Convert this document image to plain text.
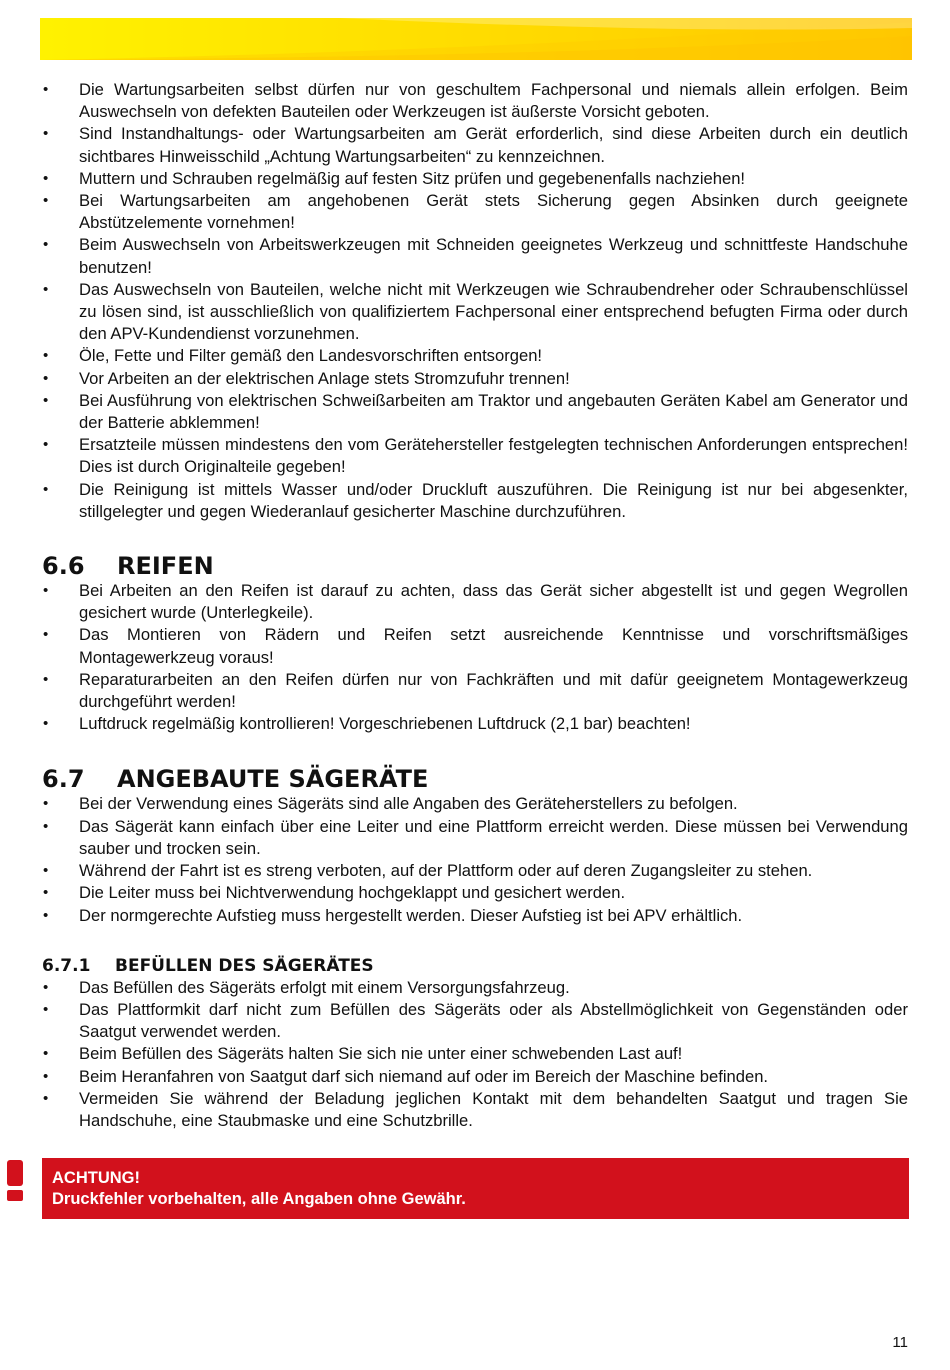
• Die Wartungsarbeiten selbst dürfen nur von geschultem Fachpersonal und niemals allein erfolgen. Beim Auswechseln von defekten Bauteilen oder Werkzeugen ist äußerste Vorsicht geboten.
• Sind Instandhaltungs- oder Wartungsarbeiten am Gerät erforderlich, sind diese Arbeiten durch ein deutlich sichtbares Hinweisschild „Achtung Wartungsarbeiten“ zu kennzeichnen.
• Muttern und Schrauben regelmäßig auf festen Sitz prüfen und gegebenenfalls nachziehen!
• Bei Wartungsarbeiten am angehobenen Gerät stets Sicherung gegen Absinken durch geeignete Abstützelemente vornehmen!
• Beim Auswechseln von Arbeitswerkzeugen mit Schneiden geeignetes Werkzeug und schnittfeste Handschuhe benutzen!
• Das Auswechseln von Bauteilen, welche nicht mit Werkzeugen wie Schraubendreher oder Schraubenschlüssel zu lösen sind, ist ausschließlich von qualifiziertem Fachpersonal einer entsprechend befugten Firma oder durch den APV-Kundendienst vorzunehmen.
• Öle, Fette und Filter gemäß den Landesvorschriften entsorgen!
• Vor Arbeiten an der elektrischen Anlage stets Stromzufuhr trennen!
• Bei Ausführung von elektrischen Schweißarbeiten am Traktor und angebauten Geräten Kabel am Generator und der Batterie abklemmen!
• Ersatzteile müssen mindestens den vom Gerätehersteller festgelegten technischen Anforderungen entsprechen! Dies ist durch Originalteile gegeben!
• Die Reinigung ist mittels Wasser und/oder Druckluft auszuführen. Die Reinigung ist nur bei abgesenkter, stillgelegter und gegen Wiederanlauf gesicherter Maschine durchzuführen.
6.6 REIFEN
• Bei Arbeiten an den Reifen ist darauf zu achten, dass das Gerät sicher abgestellt ist und gegen Wegrollen gesichert wurde (Unterlegkeile).
• Das Montieren von Rädern und Reifen setzt ausreichende Kenntnisse und vorschriftsmäßiges Montagewerkzeug voraus!
• Reparaturarbeiten an den Reifen dürfen nur von Fachkräften und mit dafür geeignetem Montagewerkzeug durchgeführt werden!
• Luftdruck regelmäßig kontrollieren! Vorgeschriebenen Luftdruck (2,1 bar) beachten!
6.7 ANGEBAUTE SÄGERÄTE
• Bei der Verwendung eines Sägeräts sind alle Angaben des Geräteherstellers zu befolgen.
• Das Sägerät kann einfach über eine Leiter und eine Plattform erreicht werden. Diese müssen bei Verwendung sauber und trocken sein.
• Während der Fahrt ist es streng verboten, auf der Plattform oder auf deren Zugangsleiter zu stehen.
• Die Leiter muss bei Nichtverwendung hochgeklappt und gesichert werden.
• Der normgerechte Aufstieg muss hergestellt werden. Dieser Aufstieg ist bei APV erhältlich.
6.7.1 BEFÜLLEN DES SÄGERÄTES
• Das Befüllen des Sägeräts erfolgt mit einem Versorgungsfahrzeug.
• Das Plattformkit darf nicht zum Befüllen des Sägeräts oder als Abstellmöglichkeit von Gegenständen oder Saatgut verwendet werden.
• Beim Befüllen des Sägeräts halten Sie sich nie unter einer schwebenden Last auf!
• Beim Heranfahren von Saatgut darf sich niemand auf oder im Bereich der Maschine befinden.
• Vermeiden Sie während der Beladung jeglichen Kontakt mit dem behandelten Saatgut und tragen Sie Handschuhe, eine Staubmaske und eine Schutzbrille.
ACHTUNG!
Druckfehler vorbehalten, alle Angaben ohne Gewähr.
11
